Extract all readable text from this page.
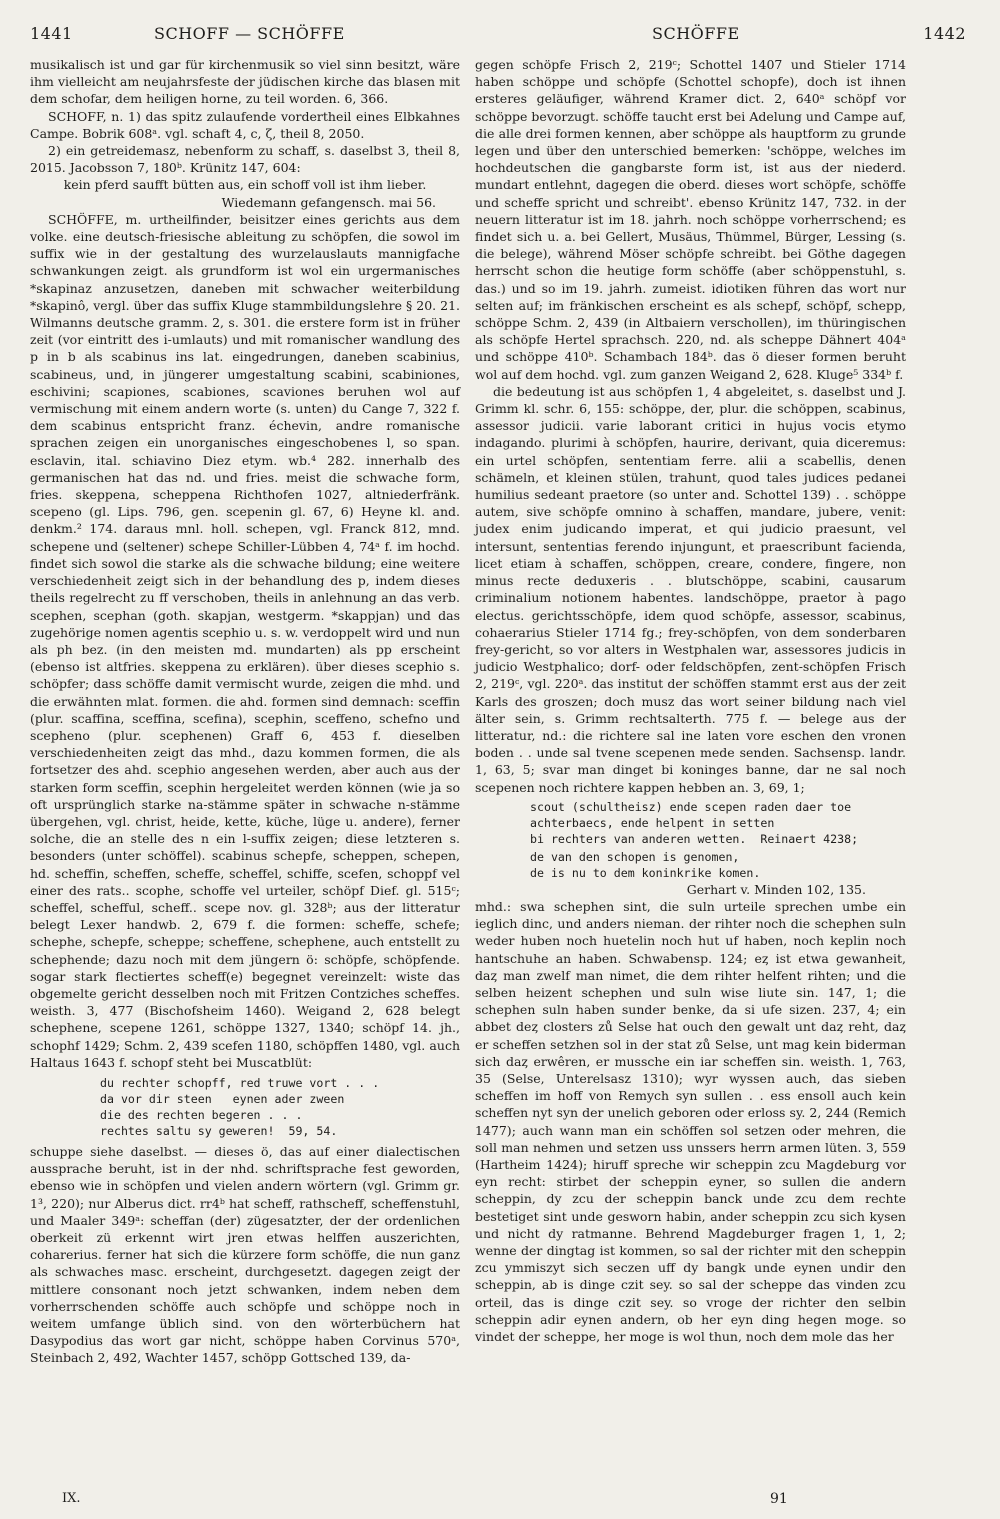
1441	SCHOFF — SCHÖFFE	SCHÖFFE	1442

musikalisch ist und gar für kirchenmusik so viel sinn besitzt, wäre ihm vielleicht am neujahrsfeste der jüdischen kirche das blasen mit dem schofar, dem heiligen horne, zu teil worden. 6, 366.

SCHOFF, n. 1) das spitz zulaufende vordertheil eines Elbkahnes Campe. Bobrik 608ᵃ. vgl. schaft 4, c, ζ, theil 8, 2050.

2) ein getreidemasz, nebenform zu schaff, s. daselbst 3, theil 8, 2015. Jacobsson 7, 180ᵇ. Krünitz 147, 604:

kein pferd saufft bütten aus, ein schoff voll ist ihm lieber.

Wiedemann gefangensch. mai 56.

SCHÖFFE, m. urtheilfinder, beisitzer eines gerichts aus dem volke. eine deutsch-friesische ableitung zu schöpfen, die sowol im suffix wie in der gestaltung des wurzelauslauts mannigfache schwankungen zeigt. als grundform ist wol ein urgermanisches *skapinaz anzusetzen, daneben mit schwacher weiterbildung *skapinô, vergl. über das suffix Kluge stammbildungslehre § 20. 21. Wilmanns deutsche gramm. 2, s. 301. die erstere form ist in früher zeit (vor eintritt des i-umlauts) und mit romanischer wandlung des p in b als scabinus ins lat. eingedrungen, daneben scabinius, scabineus, und, in jüngerer umgestaltung scabini, scabiniones, eschivini; scapiones, scabiones, scaviones beruhen wol auf vermischung mit einem andern worte (s. unten) du Cange 7, 322 f. dem scabinus entspricht franz. échevin, andre romanische sprachen zeigen ein unorganisches eingeschobenes l, so span. esclavin, ital. schiavino Diez etym. wb.⁴ 282. innerhalb des germanischen hat das nd. und fries. meist die schwache form, fries. skeppena, scheppena Richthofen 1027, altniederfränk. scepeno (gl. Lips. 796, gen. scepenin gl. 67, 6) Heyne kl. and. denkm.² 174. daraus mnl. holl. schepen, vgl. Franck 812, mnd. schepene und (seltener) schepe Schiller-Lübben 4, 74ᵃ f. im hochd. findet sich sowol die starke als die schwache bildung; eine weitere verschiedenheit zeigt sich in der behandlung des p, indem dieses theils regelrecht zu ff verschoben, theils in anlehnung an das verb. scephen, scephan (goth. skapjan, westgerm. *skappjan) und das zugehörige nomen agentis scephio u. s. w. verdoppelt wird und nun als ph bez. (in den meisten md. mundarten) als pp erscheint (ebenso ist altfries. skeppena zu erklären). über dieses scephio s. schöpfer; dass schöffe damit vermischt wurde, zeigen die mhd. und die erwähnten mlat. formen. die ahd. formen sind demnach: sceffin (plur. scaffina, sceffina, scefina), scephin, sceffeno, schefno und scepheno (plur. scephenen) Graff 6, 453 f. dieselben verschiedenheiten zeigt das mhd., dazu kommen formen, die als fortsetzer des ahd. scephio angesehen werden, aber auch aus der starken form sceffin, scephin hergeleitet werden können (wie ja so oft ursprünglich starke na-stämme später in schwache n-stämme übergehen, vgl. christ, heide, kette, küche, lüge u. andere), ferner solche, die an stelle des n ein l-suffix zeigen; diese letzteren s. besonders (unter schöffel). scabinus schepfe, scheppen, schepen, hd. scheffin, scheffen, scheffe, scheffel, schiffe, scefen, schoppf vel einer des rats.. scophe, schoffe vel urteiler, schöpf Dief. gl. 515ᶜ; scheffel, schefful, scheff.. scepe nov. gl. 328ᵇ; aus der litteratur belegt Lexer handwb. 2, 679 f. die formen: scheffe, schefe; schephe, schepfe, scheppe; scheffene, schephene, auch entstellt zu schephende; dazu noch mit dem jüngern ö: schöpfe, schöpfende. sogar stark flectiertes scheff(e) begegnet vereinzelt: wiste das obgemelte gericht desselben noch mit Fritzen Contziches scheffes. weisth. 3, 477 (Bischofsheim 1460). Weigand 2, 628 belegt schephene, scepene 1261, schöppe 1327, 1340; schöpf 14. jh., schophf 1429; Schm. 2, 439 scefen 1180, schöpffen 1480, vgl. auch Haltaus 1643 f. schopf steht bei Muscatblüt:

du rechter schopff, red truwe vort . . .
da vor dir steen   eynen ader zween
die des rechten begeren . . .
rechtes saltu sy geweren!  59, 54.

schuppe siehe daselbst. — dieses ö, das auf einer dialectischen aussprache beruht, ist in der nhd. schriftsprache fest geworden, ebenso wie in schöpfen und vielen andern wörtern (vgl. Grimm gr. 1³, 220); nur Alberus dict. rr4ᵇ hat scheff, rathscheff, scheffenstuhl, und Maaler 349ᵃ: scheffan (der) zügesatzter, der der ordenlichen oberkeit zü erkennt wirt jren etwas helffen auszerichten, coharerius. ferner hat sich die kürzere form schöffe, die nun ganz als schwaches masc. erscheint, durchgesetzt. dagegen zeigt der mittlere consonant noch jetzt schwanken, indem neben dem vorherrschenden schöffe auch schöpfe und schöppe noch in weitem umfange üblich sind. von den wörterbüchern hat Dasypodius das wort gar nicht, schöppe haben Corvinus 570ᵃ, Steinbach 2, 492, Wachter 1457, schöpp Gottsched 139, da-

gegen schöpfe Frisch 2, 219ᶜ; Schottel 1407 und Stieler 1714 haben schöppe und schöpfe (Schottel schopfe), doch ist ihnen ersteres geläufiger, während Kramer dict. 2, 640ᵃ schöpf vor schöppe bevorzugt. schöffe taucht erst bei Adelung und Campe auf, die alle drei formen kennen, aber schöppe als hauptform zu grunde legen und über den unterschied bemerken: 'schöppe, welches im hochdeutschen die gangbarste form ist, ist aus der niederd. mundart entlehnt, dagegen die oberd. dieses wort schöpfe, schöffe und scheffe spricht und schreibt'. ebenso Krünitz 147, 732. in der neuern litteratur ist im 18. jahrh. noch schöppe vorherrschend; es findet sich u. a. bei Gellert, Musäus, Thümmel, Bürger, Lessing (s. die belege), während Möser schöpfe schreibt. bei Göthe dagegen herrscht schon die heutige form schöffe (aber schöppenstuhl, s. das.) und so im 19. jahrh. zumeist. idiotiken führen das wort nur selten auf; im fränkischen erscheint es als schepf, schöpf, schepp, schöppe Schm. 2, 439 (in Altbaiern verschollen), im thüringischen als schöpfe Hertel sprachsch. 220, nd. als scheppe Dähnert 404ᵃ und schöppe 410ᵇ. Schambach 184ᵇ. das ö dieser formen beruht wol auf dem hochd. vgl. zum ganzen Weigand 2, 628. Kluge⁵ 334ᵇ f.

die bedeutung ist aus schöpfen 1, 4 abgeleitet, s. daselbst und J. Grimm kl. schr. 6, 155: schöppe, der, plur. die schöppen, scabinus, assessor judicii. varie laborant critici in hujus vocis etymo indagando. plurimi à schöpfen, haurire, derivant, quia diceremus: ein urtel schöpfen, sententiam ferre. alii a scabellis, denen schämeln, et kleinen stülen, trahunt, quod tales judices pedanei humilius sedeant praetore (so unter and. Schottel 139) . . schöppe autem, sive schöpfe omnino à schaffen, mandare, jubere, venit: judex enim judicando imperat, et qui judicio praesunt, vel intersunt, sententias ferendo injungunt, et praescribunt facienda, licet etiam à schaffen, schöppen, creare, condere, fingere, non minus recte deduxeris . . blutschöppe, scabini, causarum criminalium notionem habentes. landschöppe, praetor à pago electus. gerichtsschöpfe, idem quod schöpfe, assessor, scabinus, cohaerarius Stieler 1714 fg.; frey-schöpfen, von dem sonderbaren frey-gericht, so vor alters in Westphalen war, assessores judicis in judicio Westphalico; dorf- oder feldschöpfen, zent-schöpfen Frisch 2, 219ᶜ, vgl. 220ᵃ. das institut der schöffen stammt erst aus der zeit Karls des groszen; doch musz das wort seiner bildung nach viel älter sein, s. Grimm rechtsalterth. 775 f. — belege aus der litteratur, nd.: die richtere sal ine laten vore eschen den vronen boden . . unde sal tvene scepenen mede senden. Sachsensp. landr. 1, 63, 5; svar man dinget bi koninges banne, dar ne sal noch scepenen noch richtere kappen hebben an. 3, 69, 1;

scout (schultheisz) ende scepen raden daer toe
achterbaecs, ende helpent in setten
bi rechters van anderen wetten.  Reinaert 4238;

de van den schopen is genomen,
de is nu to dem koninkrike komen.

Gerhart v. Minden 102, 135.

mhd.: swa schephen sint, die suln urteile sprechen umbe ein ieglich dinc, und anders nieman. der rihter noch die schephen suln weder huben noch huetelin noch hut uf haben, noch keplin noch hantschuhe an haben. Schwabensp. 124; eȥ ist etwa gewanheit, daȥ man zwelf man nimet, die dem rihter helfent rihten; und die selben heizent schephen und suln wise liute sin. 147, 1; die schephen suln haben sunder benke, da si ufe sizen. 237, 4; ein abbet deȥ closters zů Selse hat ouch den gewalt unt daȥ reht, daȥ er scheffen setzhen sol in der stat zů Selse, unt mag kein biderman sich daȥ erwêren, er mussche ein iar scheffen sin. weisth. 1, 763, 35 (Selse, Unterelsasz 1310); wyr wyssen auch, das sieben scheffen im hoff von Remych syn sullen . . ess ensoll auch kein scheffen nyt syn der unelich geboren oder erloss sy. 2, 244 (Remich 1477); auch wann man ein schöffen sol setzen oder mehren, die soll man nehmen und setzen uss unssers herrn armen lüten. 3, 559 (Hartheim 1424); hiruff spreche wir scheppin zcu Magdeburg vor eyn recht: stirbet der scheppin eyner, so sullen die andern scheppin, dy zcu der scheppin banck unde zcu dem rechte bestetiget sint unde gesworn habin, ander scheppin zcu sich kysen und nicht dy ratmanne. Behrend Magdeburger fragen 1, 1, 2; wenne der dingtag ist kommen, so sal der richter mit den scheppin zcu ymmiszyt sich seczen uff dy bangk unde eynen undir den scheppin, ab is dinge czit sey. so sal der scheppe das vinden zcu orteil, das is dinge czit sey. so vroge der richter den selbin scheppin adir eynen andern, ob her eyn ding hegen moge. so vindet der scheppe, her moge is wol thun, noch dem mole das her

IX.	91
